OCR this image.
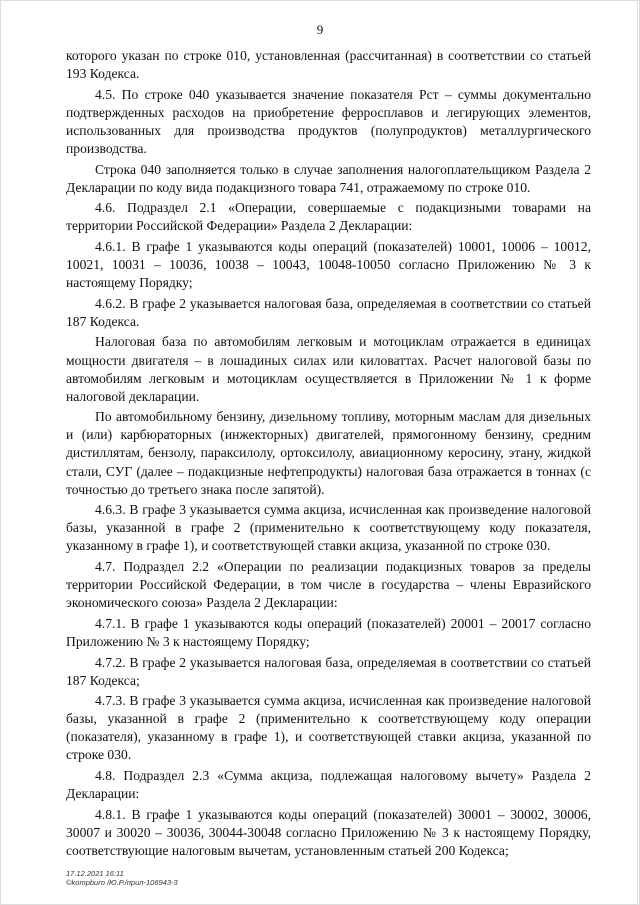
9

которого указан по строке 010, установленная (рассчитанная) в соответствии со статьей 193 Кодекса.

4.5. По строке 040 указывается значение показателя Рст – суммы документально подтвержденных расходов на приобретение ферросплавов и легирующих элементов, использованных для производства продуктов (полупродуктов) металлургического производства.

Строка 040 заполняется только в случае заполнения налогоплательщиком Раздела 2 Декларации по коду вида подакцизного товара 741, отражаемому по строке 010.

4.6. Подраздел 2.1 «Операции, совершаемые с подакцизными товарами на территории Российской Федерации» Раздела 2 Декларации:

4.6.1. В графе 1 указываются коды операций (показателей) 10001, 10006 – 10012, 10021, 10031 – 10036, 10038 – 10043, 10048-10050 согласно Приложению № 3 к настоящему Порядку;

4.6.2. В графе 2 указывается налоговая база, определяемая в соответствии со статьей 187 Кодекса.

Налоговая база по автомобилям легковым и мотоциклам отражается в единицах мощности двигателя – в лошадиных силах или киловаттах. Расчет налоговой базы по автомобилям легковым и мотоциклам осуществляется в Приложении № 1 к форме налоговой декларации.

По автомобильному бензину, дизельному топливу, моторным маслам для дизельных и (или) карбюраторных (инжекторных) двигателей, прямогонному бензину, средним дистиллятам, бензолу, параксилолу, ортоксилолу, авиационному керосину, этану, жидкой стали, СУГ (далее – подакцизные нефтепродукты) налоговая база отражается в тоннах (с точностью до третьего знака после запятой).

4.6.3. В графе 3 указывается сумма акциза, исчисленная как произведение налоговой базы, указанной в графе 2 (применительно к соответствующему коду показателя, указанному в графе 1), и соответствующей ставки акциза, указанной по строке 030.

4.7. Подраздел 2.2 «Операции по реализации подакцизных товаров за пределы территории Российской Федерации, в том числе в государства – члены Евразийского экономического союза» Раздела 2 Декларации:

4.7.1. В графе 1 указываются коды операций (показателей) 20001 – 20017 согласно Приложению № 3 к настоящему Порядку;

4.7.2. В графе 2 указывается налоговая база, определяемая в соответствии со статьей 187 Кодекса;

4.7.3. В графе 3 указывается сумма акциза, исчисленная как произведение налоговой базы, указанной в графе 2 (применительно к соответствующему коду операции (показателя), указанному в графе 1), и соответствующей ставки акциза, указанной по строке 030.

4.8. Подраздел 2.3 «Сумма акциза, подлежащая налоговому вычету» Раздела 2 Декларации:

4.8.1. В графе 1 указываются коды операций (показателей) 30001 – 30002, 30006, 30007 и 30020 – 30036, 30044-30048 согласно Приложению № 3 к настоящему Порядку, соответствующие налоговым вычетам, установленным статьей 200 Кодекса;

17.12.2021 16:11
©kompburo /Ю.Р./прил-106943-3
